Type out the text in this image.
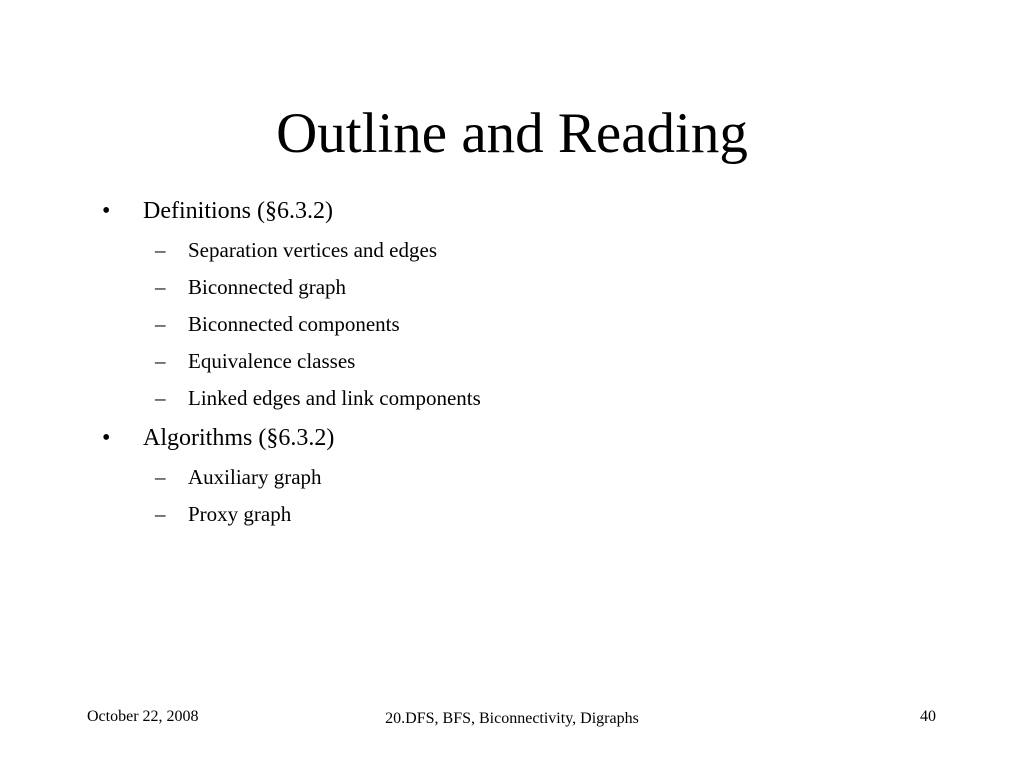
Outline and Reading
• Definitions (§6.3.2)
– Separation vertices and edges
– Biconnected graph
– Biconnected components
– Equivalence classes
– Linked edges and link components
• Algorithms (§6.3.2)
– Auxiliary graph
– Proxy graph
October 22, 2008	20.DFS, BFS, Biconnectivity, Digraphs	40
